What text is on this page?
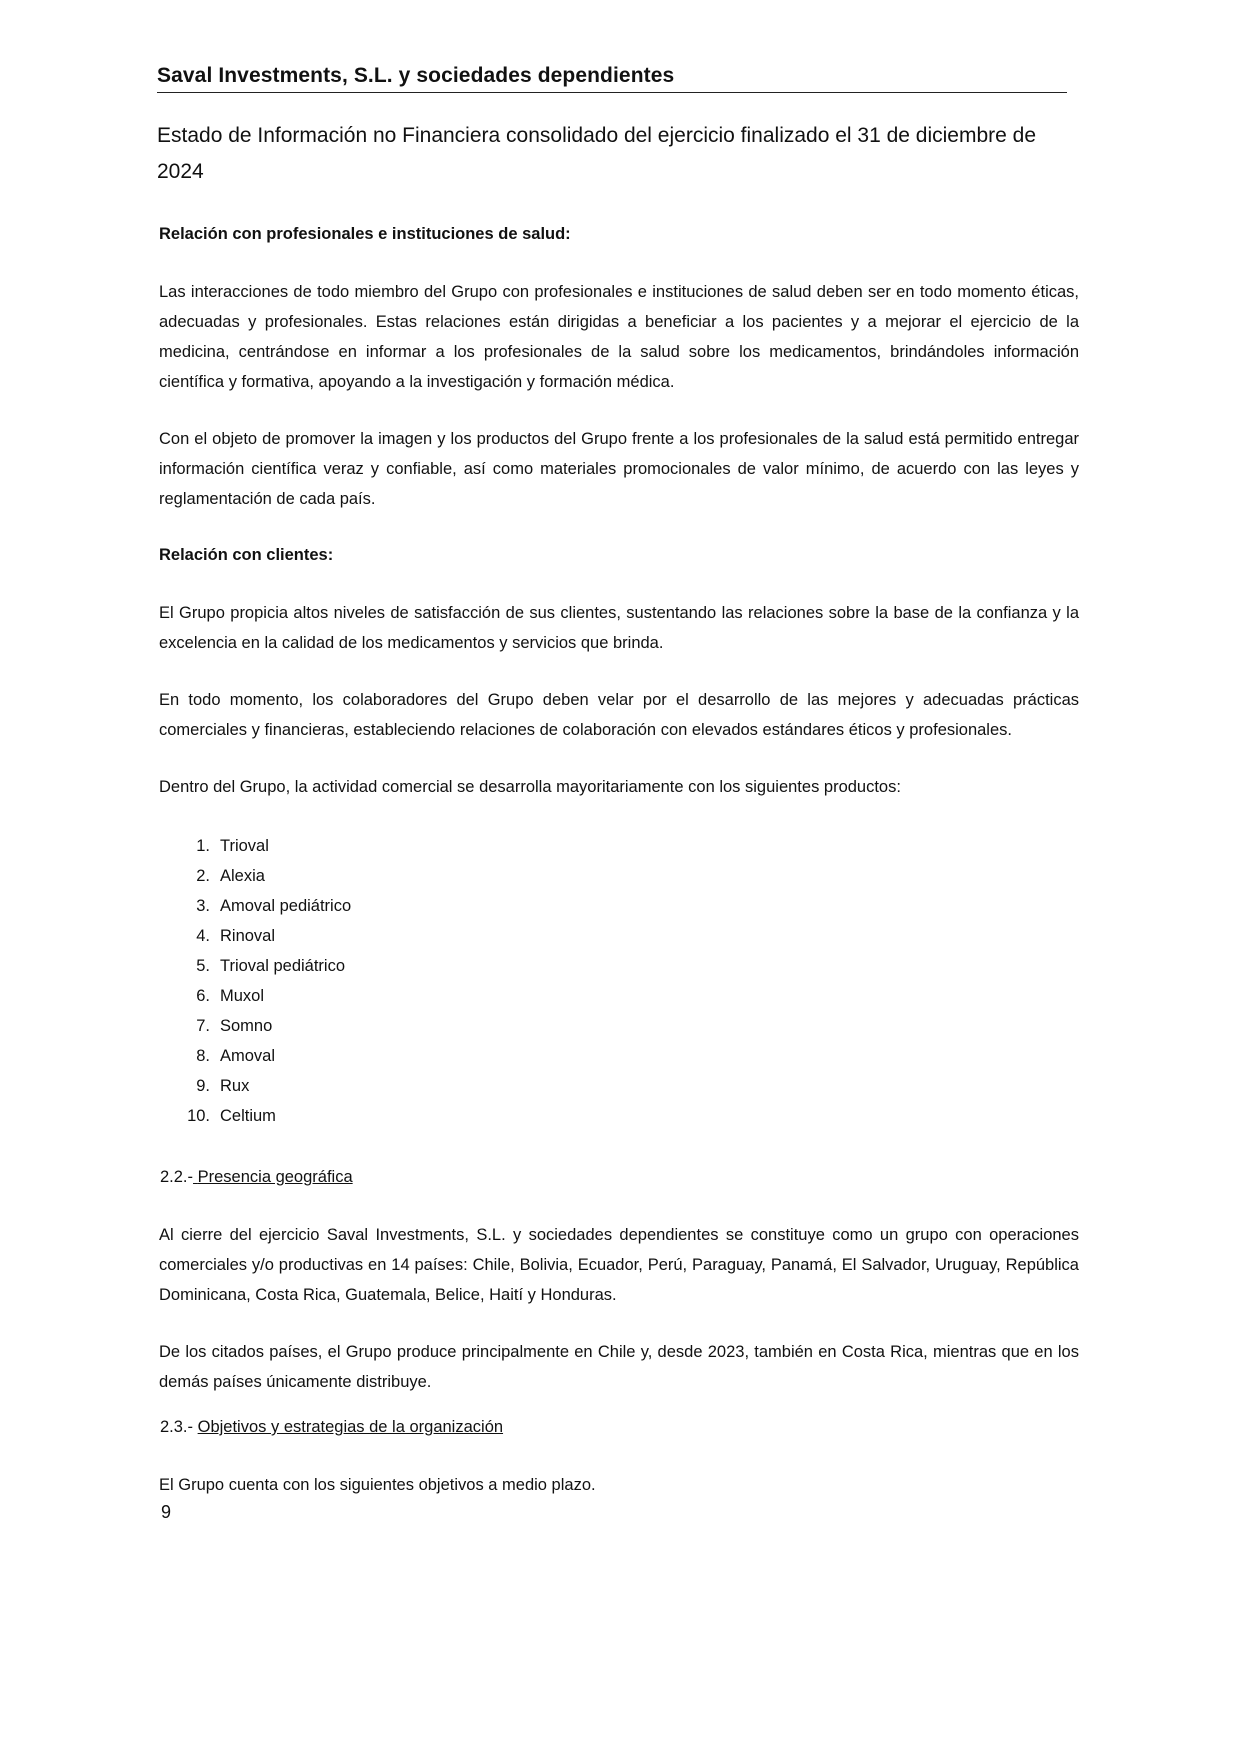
Saval Investments, S.L. y sociedades dependientes
Estado de Información no Financiera consolidado del ejercicio finalizado el 31 de diciembre de 2024
Relación con profesionales e instituciones de salud:
Las interacciones de todo miembro del Grupo con profesionales e instituciones de salud deben ser en todo momento éticas, adecuadas y profesionales. Estas relaciones están dirigidas a beneficiar a los pacientes y a mejorar el ejercicio de la medicina, centrándose en informar a los profesionales de la salud sobre los medicamentos, brindándoles información científica y formativa, apoyando a la investigación y formación médica.
Con el objeto de promover la imagen y los productos del Grupo frente a los profesionales de la salud está permitido entregar información científica veraz y confiable, así como materiales promocionales de valor mínimo, de acuerdo con las leyes y reglamentación de cada país.
Relación con clientes:
El Grupo propicia altos niveles de satisfacción de sus clientes, sustentando las relaciones sobre la base de la confianza y la excelencia en la calidad de los medicamentos y servicios que brinda.
En todo momento, los colaboradores del Grupo deben velar por el desarrollo de las mejores y adecuadas prácticas comerciales y financieras, estableciendo relaciones de colaboración con elevados estándares éticos y profesionales.
Dentro del Grupo, la actividad comercial se desarrolla mayoritariamente con los siguientes productos:
1. Trioval
2. Alexia
3. Amoval pediátrico
4. Rinoval
5. Trioval pediátrico
6. Muxol
7. Somno
8. Amoval
9. Rux
10. Celtium
2.2.- Presencia geográfica
Al cierre del ejercicio Saval Investments, S.L. y sociedades dependientes se constituye como un grupo con operaciones comerciales y/o productivas en 14 países: Chile, Bolivia, Ecuador, Perú, Paraguay, Panamá, El Salvador, Uruguay, República Dominicana, Costa Rica, Guatemala, Belice, Haití y Honduras.
De los citados países, el Grupo produce principalmente en Chile y, desde 2023, también en Costa Rica, mientras que en los demás países únicamente distribuye.
2.3.- Objetivos y estrategias de la organización
El Grupo cuenta con los siguientes objetivos a medio plazo.
9
